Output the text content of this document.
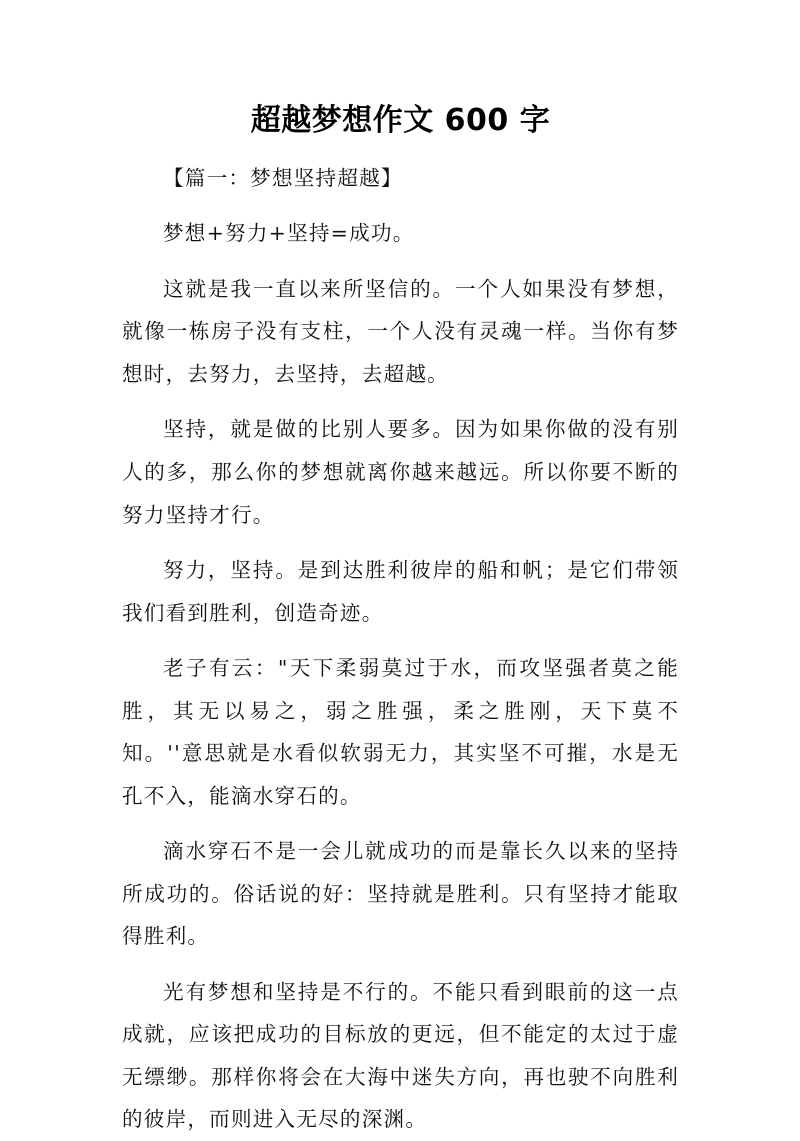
超越梦想作文 600 字

【篇一：梦想坚持超越】

梦想+努力+坚持=成功。

这就是我一直以来所坚信的。一个人如果没有梦想，就像一栋房子没有支柱，一个人没有灵魂一样。当你有梦想时，去努力，去坚持，去超越。

坚持，就是做的比别人要多。因为如果你做的没有别人的多，那么你的梦想就离你越来越远。所以你要不断的努力坚持才行。

努力，坚持。是到达胜利彼岸的船和帆；是它们带领我们看到胜利，创造奇迹。

老子有云："天下柔弱莫过于水，而攻坚强者莫之能胜，其无以易之，弱之胜强，柔之胜刚，天下莫不知。''意思就是水看似软弱无力，其实坚不可摧，水是无孔不入，能滴水穿石的。

滴水穿石不是一会儿就成功的而是靠长久以来的坚持所成功的。俗话说的好：坚持就是胜利。只有坚持才能取得胜利。

光有梦想和坚持是不行的。不能只看到眼前的这一点成就，应该把成功的目标放的更远，但不能定的太过于虚无缥缈。那样你将会在大海中迷失方向，再也驶不向胜利的彼岸，而则进入无尽的深渊。
